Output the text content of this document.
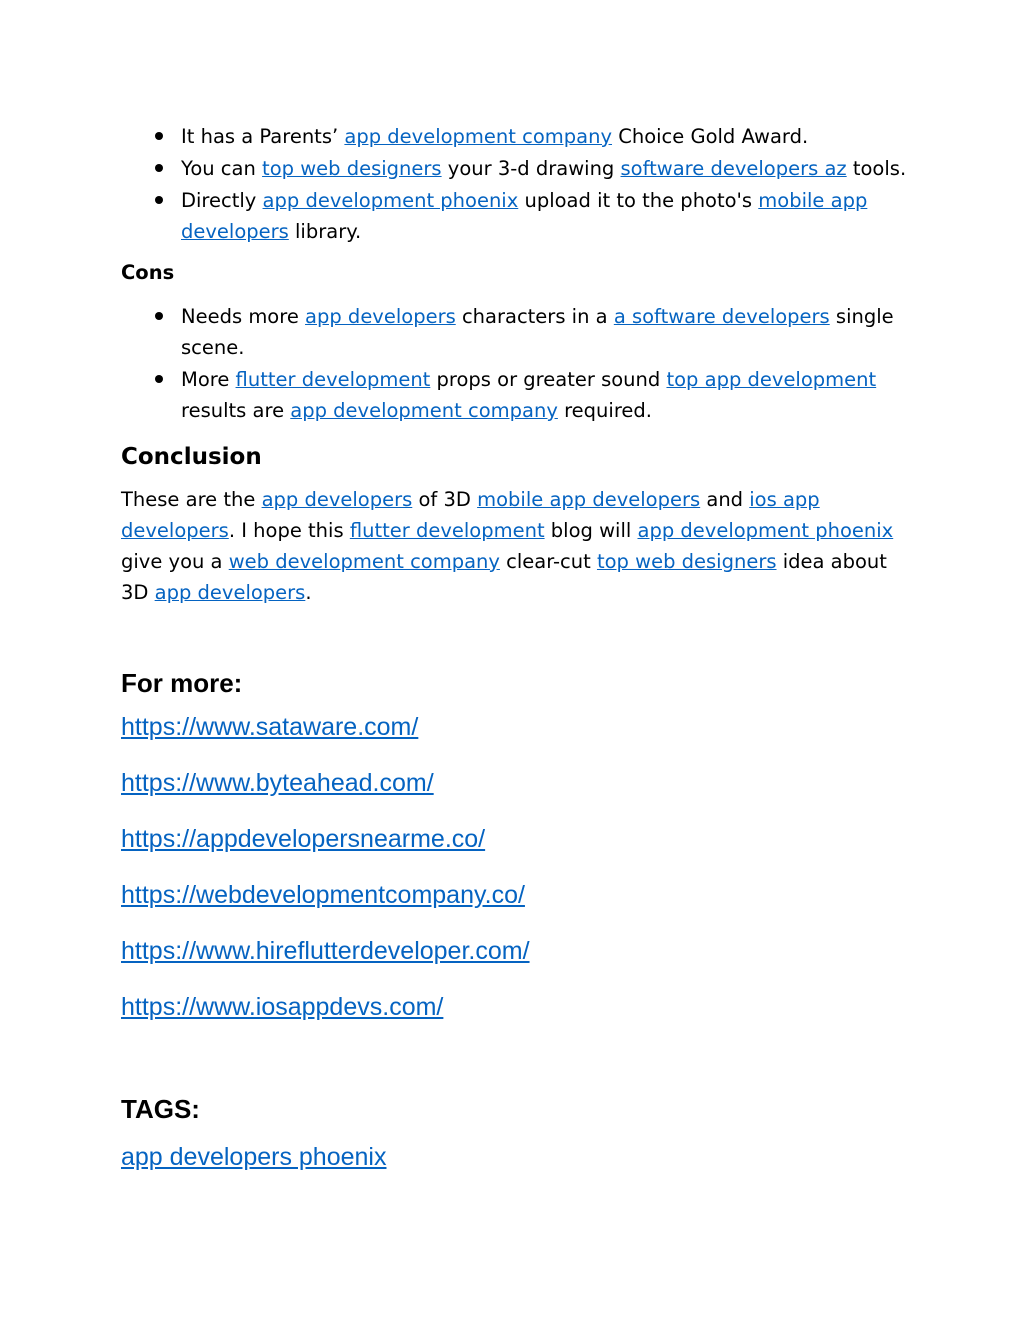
It has a Parents’ app development company Choice Gold Award.
You can top web designers your 3-d drawing software developers az tools.
Directly app development phoenix upload it to the photo's mobile app developers library.
Cons
Needs more app developers characters in a a software developers single scene.
More flutter development props or greater sound top app development results are app development company required.
Conclusion

These are the app developers of 3D mobile app developers and ios app developers. I hope this flutter development blog will app development phoenix give you a web development company clear-cut top web designers idea about 3D app developers.

For more:
https://www.sataware.com/
https://www.byteahead.com/
https://appdevelopersnearme.co/
https://webdevelopmentcompany.co/
https://www.hireflutterdeveloper.com/
https://www.iosappdevs.com/
TAGS:
app developers phoenix
